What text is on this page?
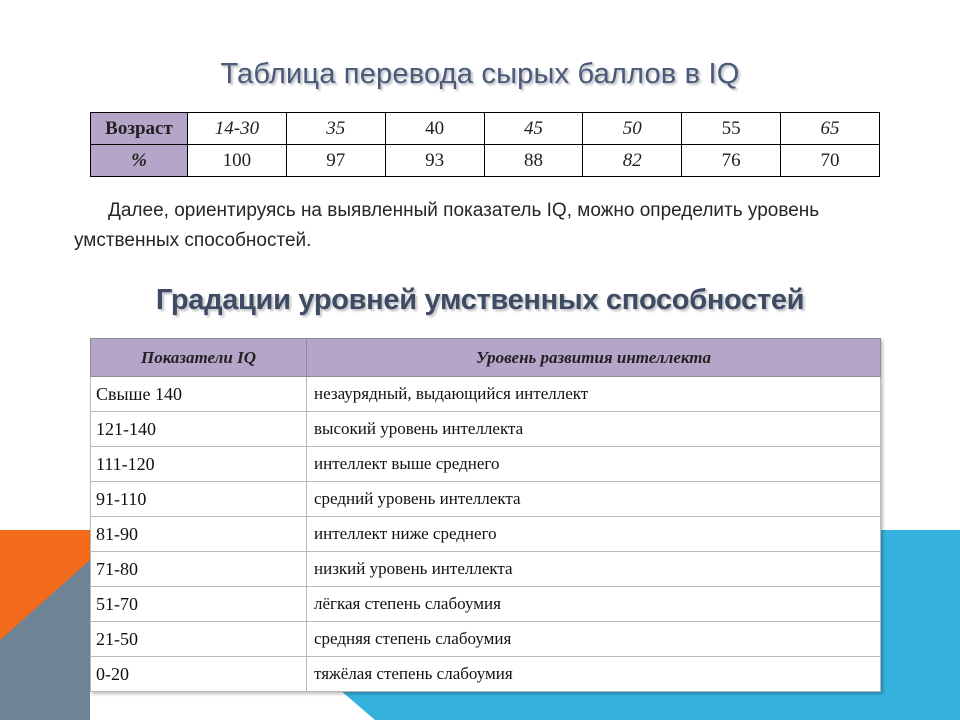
Таблица перевода сырых баллов в IQ
Возраст	14-30	35	40	45	50	55	65
%	100	97	93	88	82	76	70

Далее, ориентируясь на выявленный показатель IQ, можно определить уровень умственных способностей.

Градации уровней умственных способностей
Показатели IQ	Уровень развития интеллекта
Свыше 140	незаурядный, выдающийся интеллект
121-140	высокий уровень интеллекта
111-120	интеллект выше среднего
91-110	средний уровень интеллекта
81-90	интеллект ниже среднего
71-80	низкий уровень интеллекта
51-70	лёгкая степень слабоумия
21-50	средняя степень слабоумия
0-20	тяжёлая степень слабоумия
